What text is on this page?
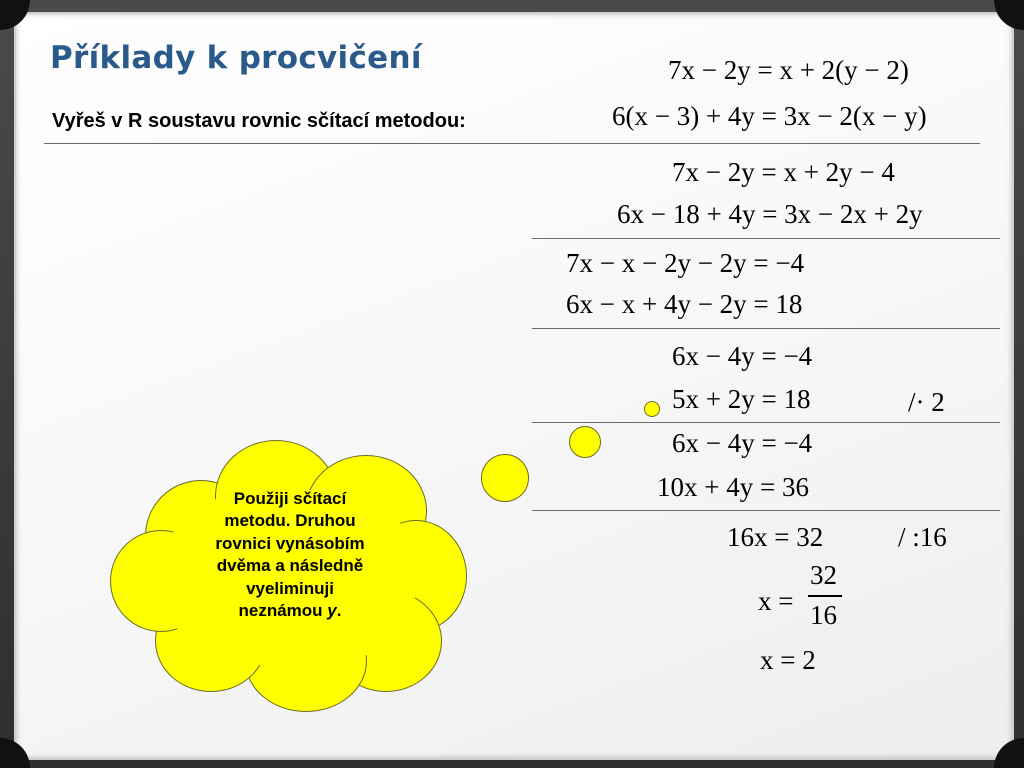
Příklady k procvičení
Vyřeš v R soustavu rovnic sčítací metodou:
7x − 2y = x + 2(y − 2)
6(x − 3) + 4y = 3x − 2(x − y)
7x − 2y = x + 2y − 4
6x − 18 + 4y = 3x − 2x + 2y
7x − x − 2y − 2y = −4
6x − x + 4y − 2y = 18
6x − 4y = −4
5x + 2y = 18	/· 2
6x − 4y = −4
10x + 4y = 36
16x = 32	/ :16
x =
32
16
x = 2
Použiji sčítací
metodu. Druhou
rovnici vynásobím
dvěma a následně
vyeliminuji
neznámou y.
